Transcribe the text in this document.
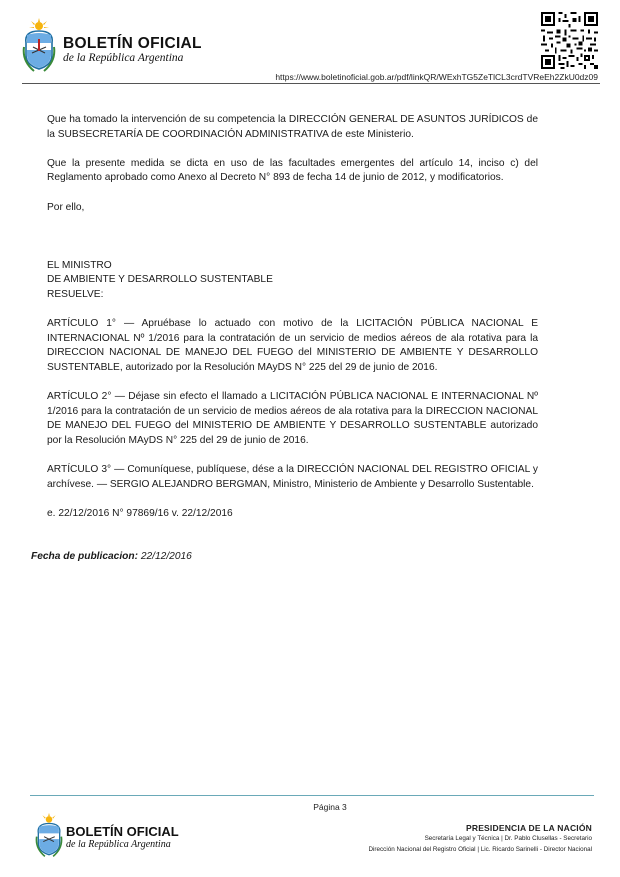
BOLETÍN OFICIAL
de la República Argentina
https://www.boletinoficial.gob.ar/pdf/linkQR/WExhTG5ZeTlCL3crdTVReEh2ZkU0dz09

Que ha tomado la intervención de su competencia la DIRECCIÓN GENERAL DE ASUNTOS JURÍDICOS de la SUBSECRETARÍA DE COORDINACIÓN ADMINISTRATIVA de este Ministerio.

Que la presente medida se dicta en uso de las facultades emergentes del artículo 14, inciso c) del Reglamento aprobado como Anexo al Decreto N° 893 de fecha 14 de junio de 2012, y modificatorios.

Por ello,

EL MINISTRO

DE AMBIENTE Y DESARROLLO SUSTENTABLE

RESUELVE:

ARTÍCULO 1° — Apruébase lo actuado con motivo de la LICITACIÓN PÚBLICA NACIONAL E INTERNACIONAL Nº 1/2016 para la contratación de un servicio de medios aéreos de ala rotativa para la DIRECCION NACIONAL DE MANEJO DEL FUEGO del MINISTERIO DE AMBIENTE Y DESARROLLO SUSTENTABLE, autorizado por la Resolución MAyDS N° 225 del 29 de junio de 2016.

ARTÍCULO 2° — Déjase sin efecto el llamado a LICITACIÓN PÚBLICA NACIONAL E INTERNACIONAL Nº 1/2016 para la contratación de un servicio de medios aéreos de ala rotativa para la DIRECCION NACIONAL DE MANEJO DEL FUEGO del MINISTERIO DE AMBIENTE Y DESARROLLO SUSTENTABLE autorizado por la Resolución MAyDS N° 225 del 29 de junio de 2016.

ARTÍCULO 3° — Comuníquese, publíquese, dése a la DIRECCIÓN NACIONAL DEL REGISTRO OFICIAL y archívese. — SERGIO ALEJANDRO BERGMAN, Ministro, Ministerio de Ambiente y Desarrollo Sustentable.

e. 22/12/2016 N° 97869/16 v. 22/12/2016

Fecha de publicacion: 22/12/2016
Página 3
BOLETÍN OFICIAL
de la República Argentina
PRESIDENCIA DE LA NACIÓN
Secretaría Legal y Técnica | Dr. Pablo Clusellas - Secretario
Dirección Nacional del Registro Oficial | Lic. Ricardo Sarinelli - Director Nacional
